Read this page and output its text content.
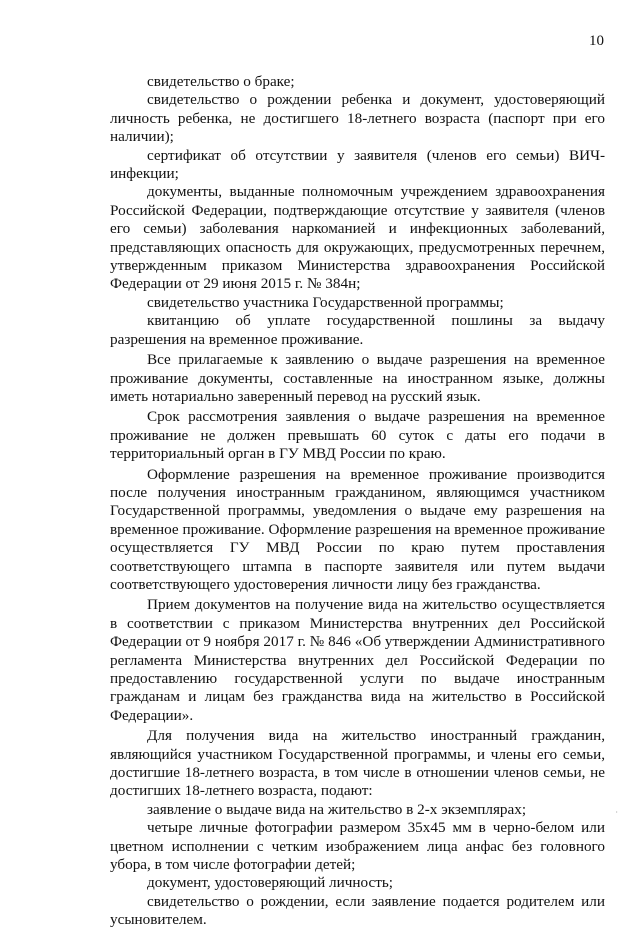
10

свидетельство о браке;

свидетельство о рождении ребенка и документ, удостоверяющий личность ребенка, не достигшего 18-летнего возраста (паспорт при его наличии);

сертификат об отсутствии у заявителя (членов его семьи) ВИЧ-инфекции;

документы, выданные полномочным учреждением здравоохранения Российской Федерации, подтверждающие отсутствие у заявителя (членов его семьи) заболевания наркоманией и инфекционных заболеваний, представляющих опасность для окружающих, предусмотренных перечнем, утвержденным приказом Министерства здравоохранения Российской Федерации от 29 июня 2015 г. № 384н;

свидетельство участника Государственной программы;

квитанцию об уплате государственной пошлины за выдачу разрешения на временное проживание.

Все прилагаемые к заявлению о выдаче разрешения на временное проживание документы, составленные на иностранном языке, должны иметь нотариально заверенный перевод на русский язык.

Срок рассмотрения заявления о выдаче разрешения на временное проживание не должен превышать 60 суток с даты его подачи в территориальный орган в ГУ МВД России по краю.

Оформление разрешения на временное проживание производится после получения иностранным гражданином, являющимся участником Государственной программы, уведомления о выдаче ему разрешения на временное проживание. Оформление разрешения на временное проживание осуществляется ГУ МВД России по краю путем проставления соответствующего штампа в паспорте заявителя или путем выдачи соответствующего удостоверения личности лицу без гражданства.

Прием документов на получение вида на жительство осуществляется в соответствии с приказом Министерства внутренних дел Российской Федерации от 9 ноября 2017 г. № 846 «Об утверждении Административного регламента Министерства внутренних дел Российской Федерации по предоставлению государственной услуги по выдаче иностранным гражданам и лицам без гражданства вида на жительство в Российской Федерации».

Для получения вида на жительство иностранный гражданин, являющийся участником Государственной программы, и члены его семьи, достигшие 18-летнего возраста, в том числе в отношении членов семьи, не достигших 18-летнего возраста, подают:

заявление о выдаче вида на жительство в 2-х экземплярах;

четыре личные фотографии размером 35x45 мм в черно-белом или цветном исполнении с четким изображением лица анфас без головного убора, в том числе фотографии детей;

документ, удостоверяющий личность;

свидетельство о рождении, если заявление подается родителем или усыновителем.

·
